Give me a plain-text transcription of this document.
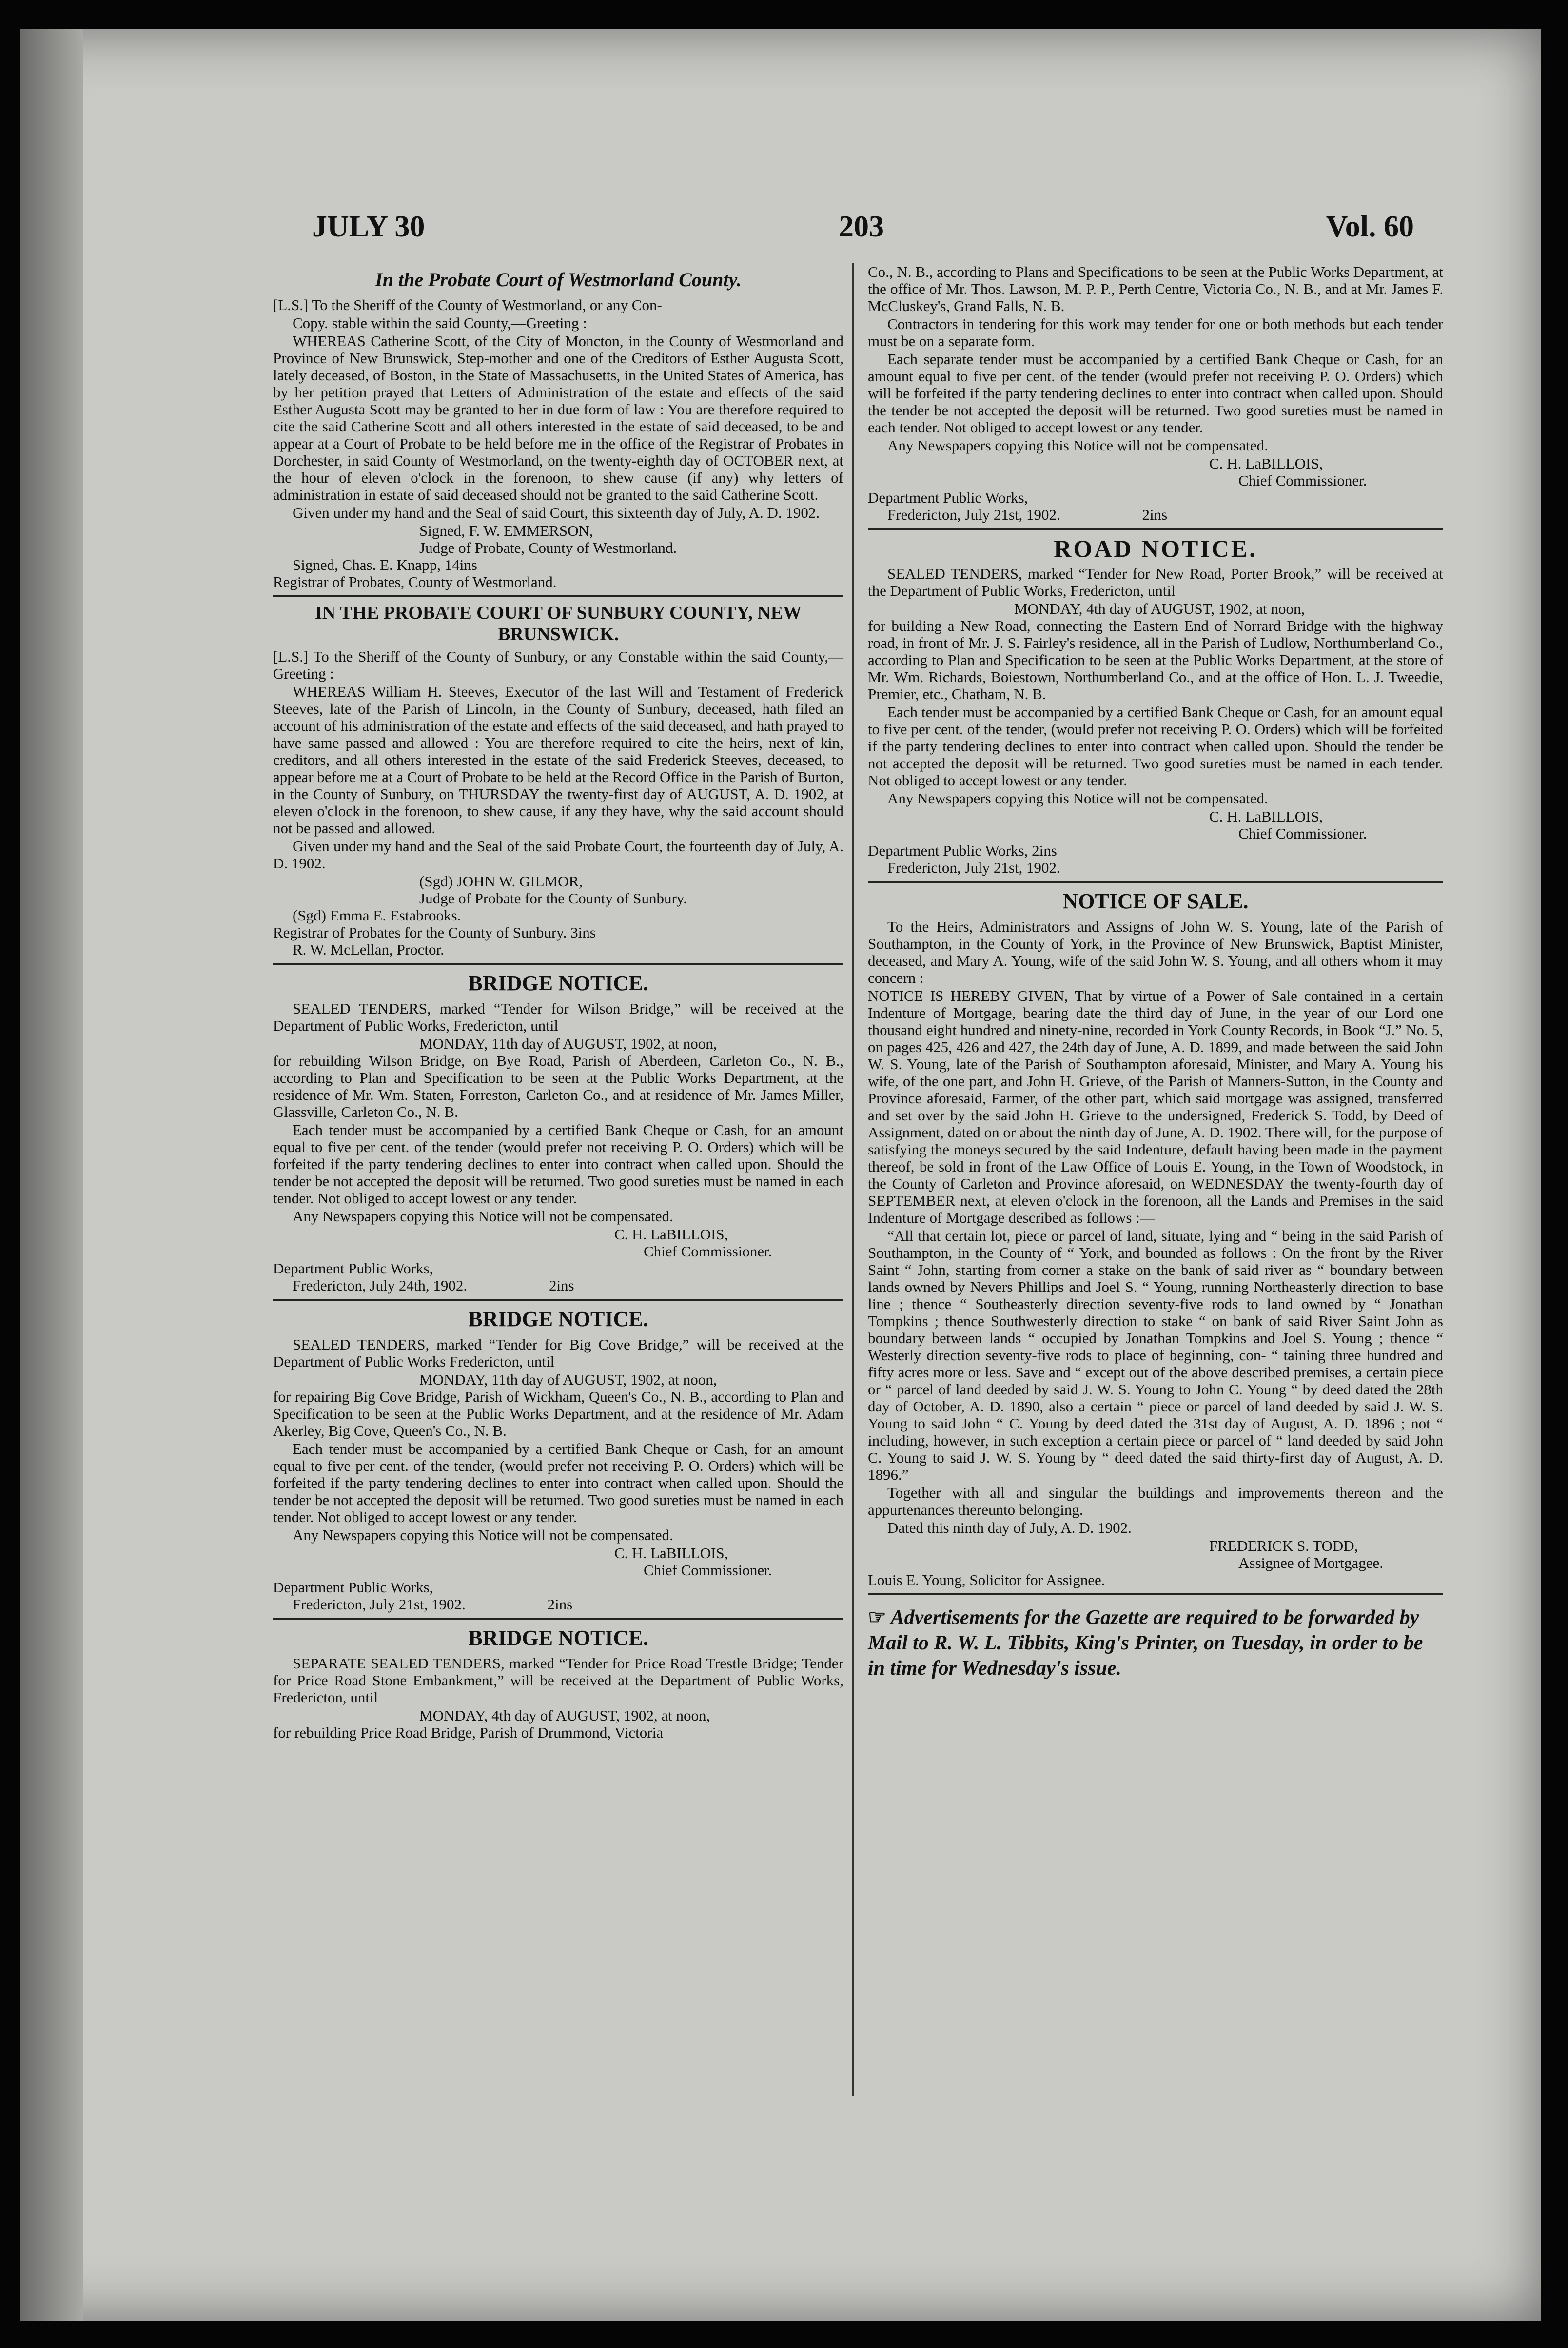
JULY 30	203	Vol. 60
In the Probate Court of Westmorland County.

[L.S.] To the Sheriff of the County of Westmorland, or any Con-

Copy. stable within the said County,—Greeting :

WHEREAS Catherine Scott, of the City of Moncton, in the County of Westmorland and Province of New Brunswick, Step-mother and one of the Creditors of Esther Augusta Scott, lately deceased, of Boston, in the State of Massachusetts, in the United States of America, has by her petition prayed that Letters of Administration of the estate and effects of the said Esther Augusta Scott may be granted to her in due form of law : You are therefore required to cite the said Catherine Scott and all others interested in the estate of said deceased, to be and appear at a Court of Probate to be held before me in the office of the Registrar of Probates in Dorchester, in said County of Westmorland, on the twenty-eighth day of OCTOBER next, at the hour of eleven o'clock in the forenoon, to shew cause (if any) why letters of administration in estate of said deceased should not be granted to the said Catherine Scott.

Given under my hand and the Seal of said Court, this sixteenth day of July, A. D. 1902.

Signed, F. W. EMMERSON,
Judge of Probate, County of Westmorland.
Signed, Chas. E. Knapp, 14ins
Registrar of Probates, County of Westmorland.
IN THE PROBATE COURT OF SUNBURY COUNTY, NEW BRUNSWICK.

[L.S.] To the Sheriff of the County of Sunbury, or any Constable within the said County,—Greeting :

WHEREAS William H. Steeves, Executor of the last Will and Testament of Frederick Steeves, late of the Parish of Lincoln, in the County of Sunbury, deceased, hath filed an account of his administration of the estate and effects of the said deceased, and hath prayed to have same passed and allowed : You are therefore required to cite the heirs, next of kin, creditors, and all others interested in the estate of the said Frederick Steeves, deceased, to appear before me at a Court of Probate to be held at the Record Office in the Parish of Burton, in the County of Sunbury, on THURSDAY the twenty-first day of AUGUST, A. D. 1902, at eleven o'clock in the forenoon, to shew cause, if any they have, why the said account should not be passed and allowed.

Given under my hand and the Seal of the said Probate Court, the fourteenth day of July, A. D. 1902.

(Sgd) JOHN W. GILMOR,
Judge of Probate for the County of Sunbury.
(Sgd) Emma E. Estabrooks.
Registrar of Probates for the County of Sunbury. 3ins
R. W. McLellan, Proctor.
BRIDGE NOTICE.

SEALED TENDERS, marked “Tender for Wilson Bridge,” will be received at the Department of Public Works, Fredericton, until

MONDAY, 11th day of AUGUST, 1902, at noon,

for rebuilding Wilson Bridge, on Bye Road, Parish of Aberdeen, Carleton Co., N. B., according to Plan and Specification to be seen at the Public Works Department, at the residence of Mr. Wm. Staten, Forreston, Carleton Co., and at residence of Mr. James Miller, Glassville, Carleton Co., N. B.

Each tender must be accompanied by a certified Bank Cheque or Cash, for an amount equal to five per cent. of the tender (would prefer not receiving P. O. Orders) which will be forfeited if the party tendering declines to enter into contract when called upon. Should the tender be not accepted the deposit will be returned. Two good sureties must be named in each tender. Not obliged to accept lowest or any tender.

Any Newspapers copying this Notice will not be compensated.

C. H. LaBILLOIS,
Chief Commissioner.
Department Public Works,
Fredericton, July 24th, 1902.	2ins
BRIDGE NOTICE.

SEALED TENDERS, marked “Tender for Big Cove Bridge,” will be received at the Department of Public Works Fredericton, until

MONDAY, 11th day of AUGUST, 1902, at noon,

for repairing Big Cove Bridge, Parish of Wickham, Queen's Co., N. B., according to Plan and Specification to be seen at the Public Works Department, and at the residence of Mr. Adam Akerley, Big Cove, Queen's Co., N. B.

Each tender must be accompanied by a certified Bank Cheque or Cash, for an amount equal to five per cent. of the tender, (would prefer not receiving P. O. Orders) which will be forfeited if the party tendering declines to enter into contract when called upon. Should the tender be not accepted the deposit will be returned. Two good sureties must be named in each tender. Not obliged to accept lowest or any tender.

Any Newspapers copying this Notice will not be compensated.

C. H. LaBILLOIS,
Chief Commissioner.
Department Public Works,
Fredericton, July 21st, 1902.	2ins
BRIDGE NOTICE.

SEPARATE SEALED TENDERS, marked “Tender for Price Road Trestle Bridge; Tender for Price Road Stone Embankment,” will be received at the Department of Public Works, Fredericton, until

MONDAY, 4th day of AUGUST, 1902, at noon,

for rebuilding Price Road Bridge, Parish of Drummond, Victoria

Co., N. B., according to Plans and Specifications to be seen at the Public Works Department, at the office of Mr. Thos. Lawson, M. P. P., Perth Centre, Victoria Co., N. B., and at Mr. James F. McCluskey's, Grand Falls, N. B.

Contractors in tendering for this work may tender for one or both methods but each tender must be on a separate form.

Each separate tender must be accompanied by a certified Bank Cheque or Cash, for an amount equal to five per cent. of the tender (would prefer not receiving P. O. Orders) which will be forfeited if the party tendering declines to enter into contract when called upon. Should the tender be not accepted the deposit will be returned. Two good sureties must be named in each tender. Not obliged to accept lowest or any tender.

Any Newspapers copying this Notice will not be compensated.

C. H. LaBILLOIS,
Chief Commissioner.
Department Public Works,
Fredericton, July 21st, 1902.	2ins
ROAD NOTICE.

SEALED TENDERS, marked “Tender for New Road, Porter Brook,” will be received at the Department of Public Works, Fredericton, until

MONDAY, 4th day of AUGUST, 1902, at noon,

for building a New Road, connecting the Eastern End of Norrard Bridge with the highway road, in front of Mr. J. S. Fairley's residence, all in the Parish of Ludlow, Northumberland Co., according to Plan and Specification to be seen at the Public Works Department, at the store of Mr. Wm. Richards, Boiestown, Northumberland Co., and at the office of Hon. L. J. Tweedie, Premier, etc., Chatham, N. B.

Each tender must be accompanied by a certified Bank Cheque or Cash, for an amount equal to five per cent. of the tender, (would prefer not receiving P. O. Orders) which will be forfeited if the party tendering declines to enter into contract when called upon. Should the tender be not accepted the deposit will be returned. Two good sureties must be named in each tender. Not obliged to accept lowest or any tender.

Any Newspapers copying this Notice will not be compensated.

C. H. LaBILLOIS,
Chief Commissioner.
Department Public Works, 2ins
Fredericton, July 21st, 1902.
NOTICE OF SALE.

To the Heirs, Administrators and Assigns of John W. S. Young, late of the Parish of Southampton, in the County of York, in the Province of New Brunswick, Baptist Minister, deceased, and Mary A. Young, wife of the said John W. S. Young, and all others whom it may concern :

NOTICE IS HEREBY GIVEN, That by virtue of a Power of Sale contained in a certain Indenture of Mortgage, bearing date the third day of June, in the year of our Lord one thousand eight hundred and ninety-nine, recorded in York County Records, in Book “J.” No. 5, on pages 425, 426 and 427, the 24th day of June, A. D. 1899, and made between the said John W. S. Young, late of the Parish of Southampton aforesaid, Minister, and Mary A. Young his wife, of the one part, and John H. Grieve, of the Parish of Manners-Sutton, in the County and Province aforesaid, Farmer, of the other part, which said mortgage was assigned, transferred and set over by the said John H. Grieve to the undersigned, Frederick S. Todd, by Deed of Assignment, dated on or about the ninth day of June, A. D. 1902. There will, for the purpose of satisfying the moneys secured by the said Indenture, default having been made in the payment thereof, be sold in front of the Law Office of Louis E. Young, in the Town of Woodstock, in the County of Carleton and Province aforesaid, on WEDNESDAY the twenty-fourth day of SEPTEMBER next, at eleven o'clock in the forenoon, all the Lands and Premises in the said Indenture of Mortgage described as follows :—

“All that certain lot, piece or parcel of land, situate, lying and “ being in the said Parish of Southampton, in the County of “ York, and bounded as follows : On the front by the River Saint “ John, starting from corner a stake on the bank of said river as “ boundary between lands owned by Nevers Phillips and Joel S. “ Young, running Northeasterly direction to base line ; thence “ Southeasterly direction seventy-five rods to land owned by “ Jonathan Tompkins ; thence Southwesterly direction to stake “ on bank of said River Saint John as boundary between lands “ occupied by Jonathan Tompkins and Joel S. Young ; thence “ Westerly direction seventy-five rods to place of beginning, con- “ taining three hundred and fifty acres more or less. Save and “ except out of the above described premises, a certain piece or “ parcel of land deeded by said J. W. S. Young to John C. Young “ by deed dated the 28th day of October, A. D. 1890, also a certain “ piece or parcel of land deeded by said J. W. S. Young to said John “ C. Young by deed dated the 31st day of August, A. D. 1896 ; not “ including, however, in such exception a certain piece or parcel of “ land deeded by said John C. Young to said J. W. S. Young by “ deed dated the said thirty-first day of August, A. D. 1896.”

Together with all and singular the buildings and improvements thereon and the appurtenances thereunto belonging.

Dated this ninth day of July, A. D. 1902.

FREDERICK S. TODD,
Assignee of Mortgagee.
Louis E. Young, Solicitor for Assignee.
☞ Advertisements for the Gazette are required to be forwarded by Mail to R. W. L. Tibbits, King's Printer, on Tuesday, in order to be in time for Wednesday's issue.
